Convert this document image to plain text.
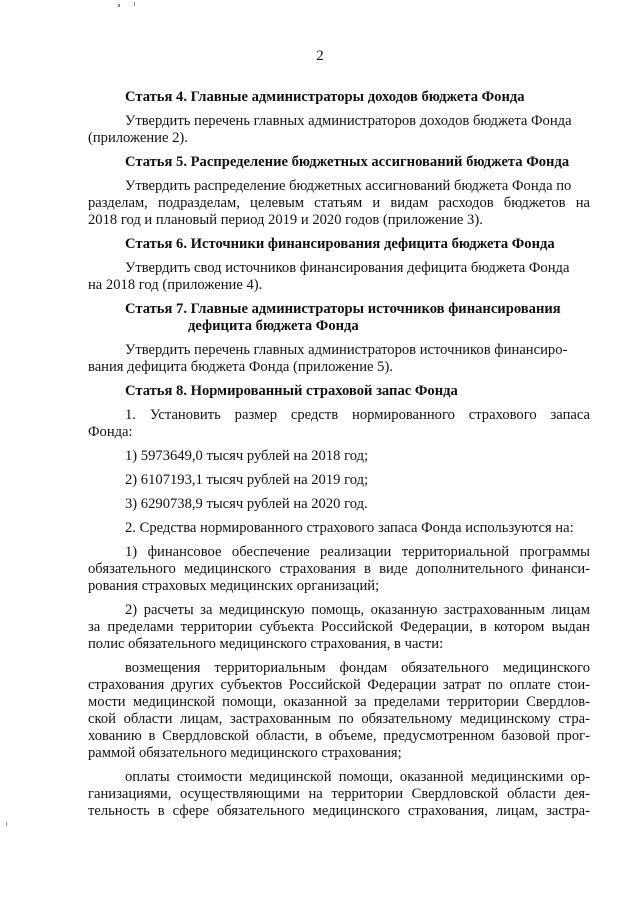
2
Статья 4. Главные администраторы доходов бюджета Фонда
Утвердить перечень главных администраторов доходов бюджета Фонда
(приложение 2).
Статья 5. Распределение бюджетных ассигнований бюджета Фонда
Утвердить распределение бюджетных ассигнований бюджета Фонда по
разделам, подразделам, целевым статьям и видам расходов бюджетов на
2018 год и плановый период 2019 и 2020 годов (приложение 3).
Статья 6. Источники финансирования дефицита бюджета Фонда
Утвердить свод источников финансирования дефицита бюджета Фонда
на 2018 год (приложение 4).
Статья 7. Главные администраторы источников финансирования
дефицита бюджета Фонда
Утвердить перечень главных администраторов источников финансиро-
вания дефицита бюджета Фонда (приложение 5).
Статья 8. Нормированный страховой запас Фонда
1. Установить размер средств нормированного страхового запаса
Фонда:
1) 5973649,0 тысяч рублей на 2018 год;
2) 6107193,1 тысяч рублей на 2019 год;
3) 6290738,9 тысяч рублей на 2020 год.
2. Средства нормированного страхового запаса Фонда используются на:
1) финансовое обеспечение реализации территориальной программы
обязательного медицинского страхования в виде дополнительного финанси-
рования страховых медицинских организаций;
2) расчеты за медицинскую помощь, оказанную застрахованным лицам
за пределами территории субъекта Российской Федерации, в котором выдан
полис обязательного медицинского страхования, в части:
возмещения территориальным фондам обязательного медицинского
страхования других субъектов Российской Федерации затрат по оплате стои-
мости медицинской помощи, оказанной за пределами территории Свердлов-
ской области лицам, застрахованным по обязательному медицинскому стра-
хованию в Свердловской области, в объеме, предусмотренном базовой прог-
раммой обязательного медицинского страхования;
оплаты стоимости медицинской помощи, оказанной медицинскими ор-
ганизациями, осуществляющими на территории Свердловской области дея-
тельность в сфере обязательного медицинского страхования, лицам, застра-
